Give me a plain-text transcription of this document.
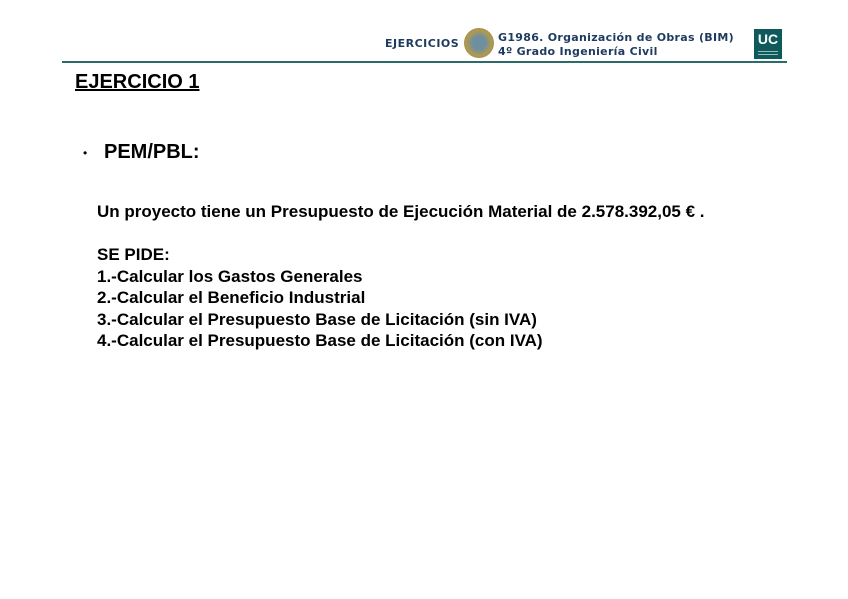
EJERCICIOS	G1986. Organización de Obras (BIM)
4º Grado Ingeniería Civil
UC
EJERCICIO 1
• PEM/PBL:
Un proyecto tiene un Presupuesto de Ejecución Material de 2.578.392,05 € .
SE PIDE:
1.-Calcular los Gastos Generales
2.-Calcular el Beneficio Industrial
3.-Calcular el Presupuesto Base de Licitación (sin IVA)
4.-Calcular el Presupuesto Base de Licitación (con IVA)
